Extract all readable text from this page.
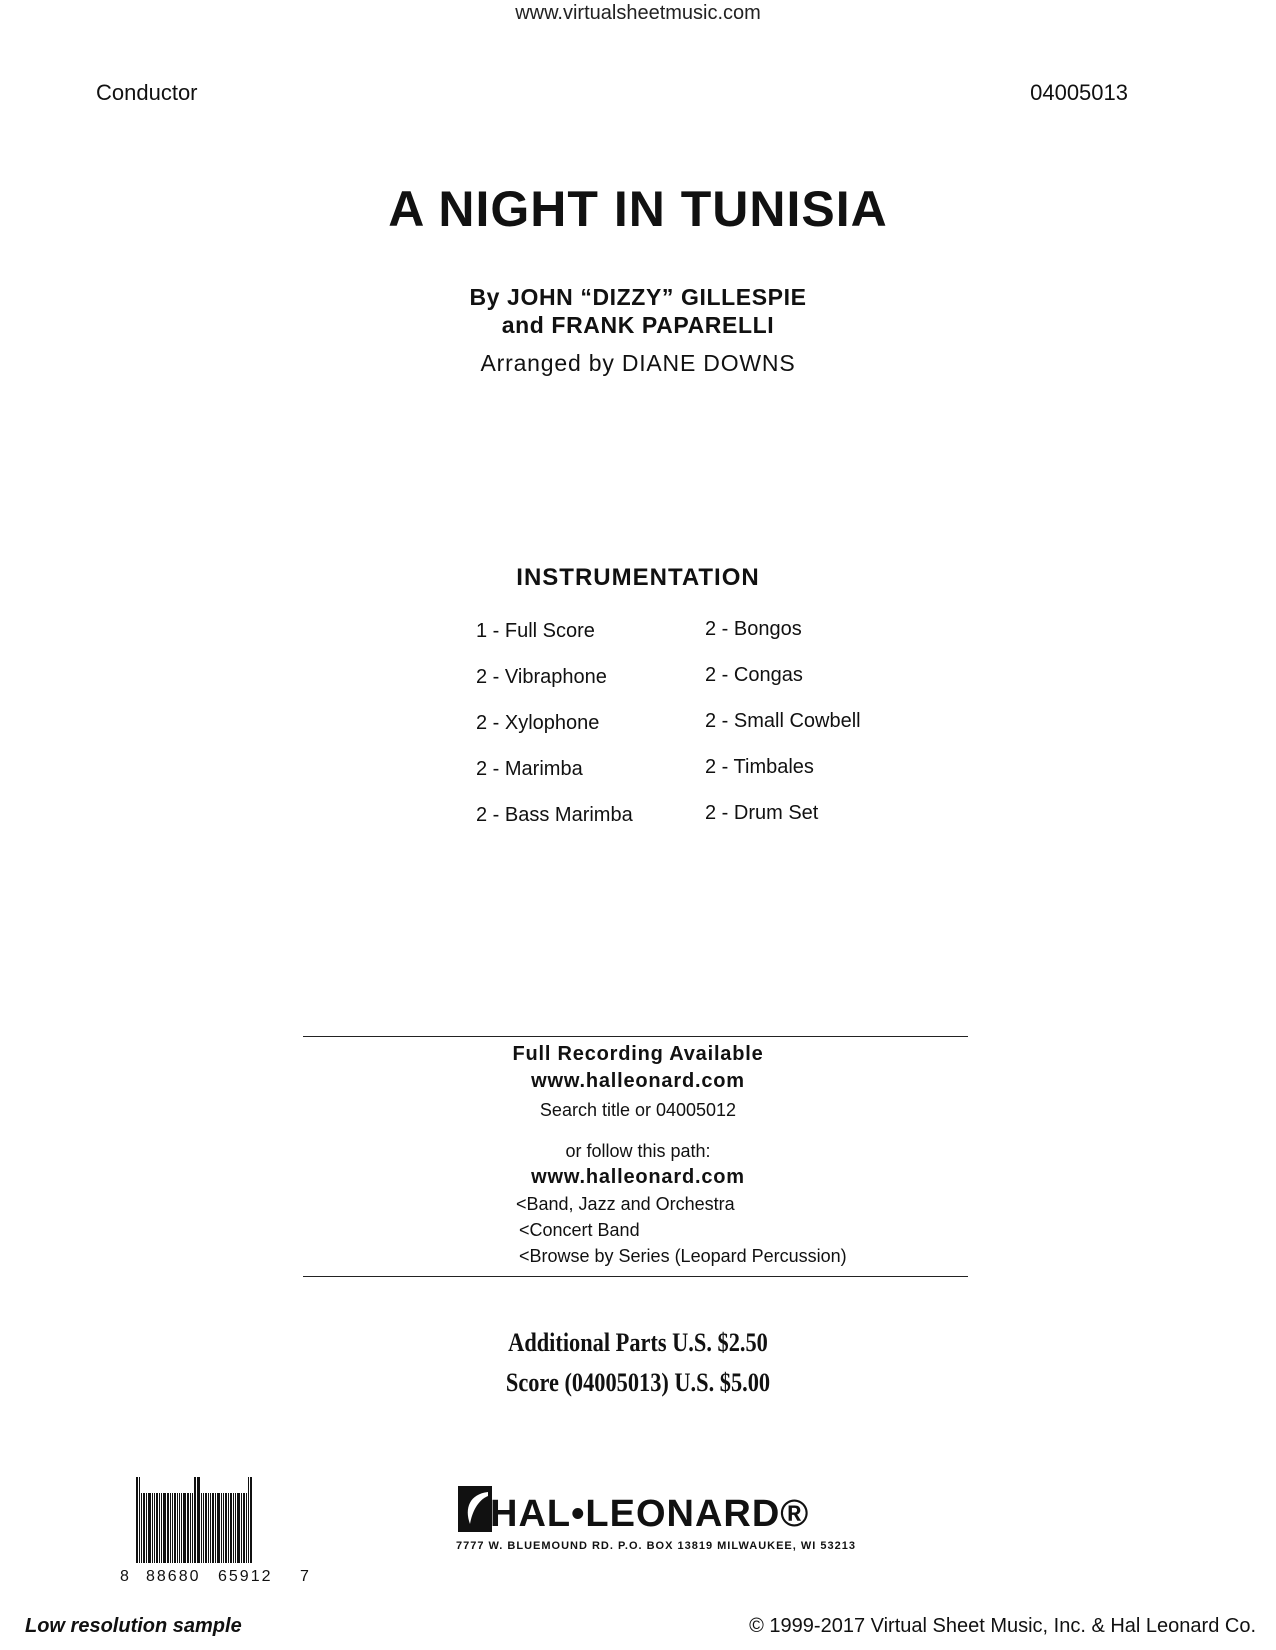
www.virtualsheetmusic.com
Conductor	04005013
A NIGHT IN TUNISIA
By JOHN “DIZZY” GILLESPIE
and FRANK PAPARELLI
Arranged by DIANE DOWNS
INSTRUMENTATION
1 - Full Score
2 - Vibraphone
2 - Xylophone
2 - Marimba
2 - Bass Marimba
2 - Bongos
2 - Congas
2 - Small Cowbell
2 - Timbales
2 - Drum Set
Full Recording Available
www.halleonard.com
Search title or 04005012
or follow this path:
www.halleonard.com
<Band, Jazz and Orchestra
<Concert Band
<Browse by Series (Leopard Percussion)
Additional Parts U.S. $2.50
Score (04005013) U.S. $5.00
8 88680 65912 7
HAL•LEONARD®
7777 W. BLUEMOUND RD. P.O. BOX 13819 MILWAUKEE, WI 53213
Low resolution sample	© 1999-2017 Virtual Sheet Music, Inc. & Hal Leonard Co.
